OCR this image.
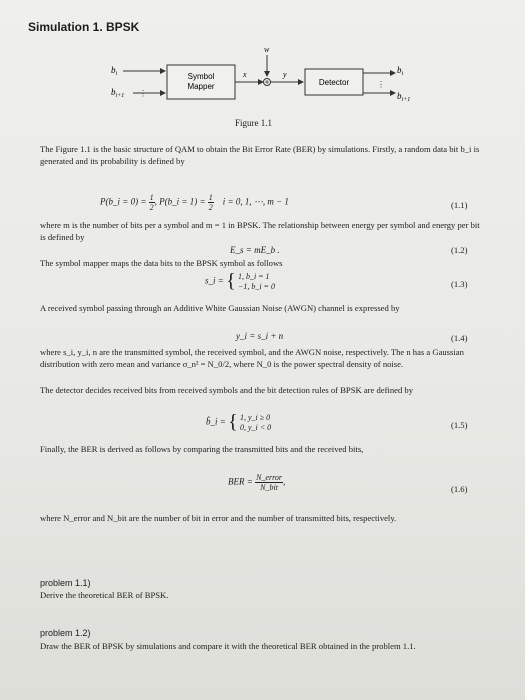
Simulation 1. BPSK
$b_i$
$b_{i+1}$ ⋮
Symbol
Mapper
x
w
y
Detector	⋮
$b_i$
$b_{i+1}$
Figure 1.1
The Figure 1.1 is the basic structure of QAM to obtain the Bit Error Rate (BER) by simulations. Firstly, a random data bit b_i is generated and its probability is defined by
P(b_i = $0) = \frac{1}{2}$ , P(b_i = $1) = \frac{1}{2}$ i = 0, 1, ⋯, m − 1	(1.1)
where m is the number of bits per a symbol and m = 1 in BPSK. The relationship between energy per symbol and energy per bit is defined by
E_s = mE_b .	(1.2)
The symbol mapper maps the data bits to the BPSK symbol as follows
s_i = { 1, b_i = 1
−1, b_i = 0	(1.3)
A received symbol passing through an Additive White Gaussian Noise (AWGN) channel is expressed by
y_i = s_i + n	(1.4)
where s_i, y_i, n are the transmitted symbol, the received symbol, and the AWGN noise, respectively. The n has a Gaussian distribution with zero mean and variance σ_n² = N_0/2, where N_0 is the power spectral density of noise.
The detector decides received bits from received symbols and the bit detection rules of BPSK are defined by
b̂_i = { 1, y_i ≥ 0
0, y_i < 0	(1.5)
Finally, the BER is derived as follows by comparing the transmitted bits and the received bits,
BER = $\frac{\text{N\_error}}{\text{N\_bit}}$ ,
(1.6)
where N_error and N_bit are the number of bit in error and the number of transmitted bits, respectively.
problem 1.1)
Derive the theoretical BER of BPSK.
problem 1.2)
Draw the BER of BPSK by simulations and compare it with the theoretical BER obtained in the problem 1.1.
